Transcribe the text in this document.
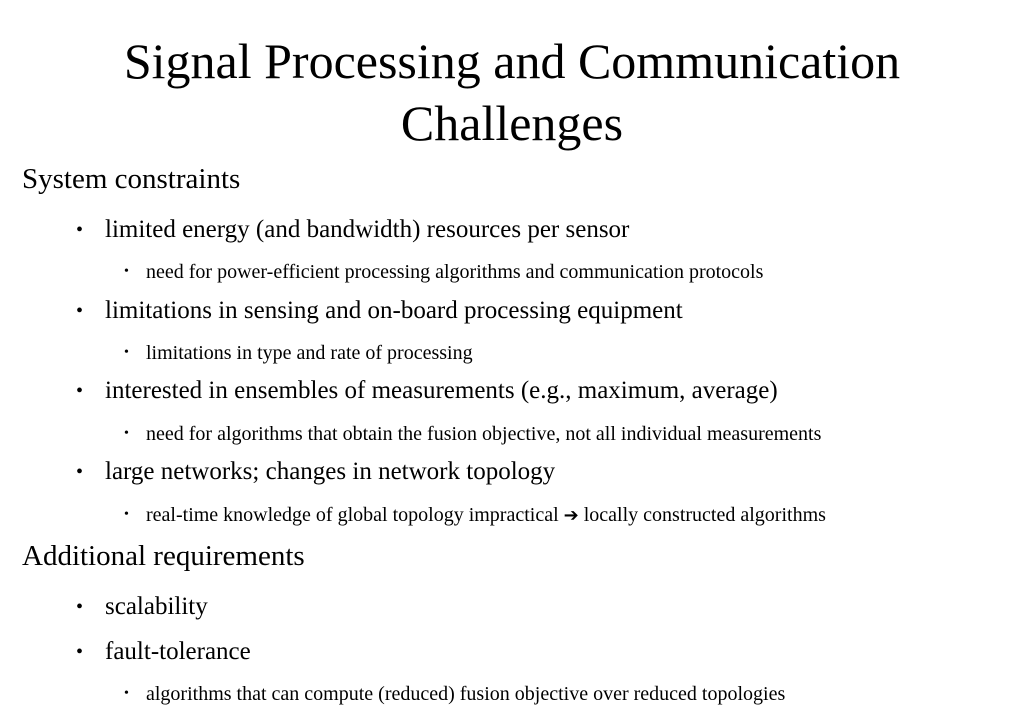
Signal Processing and Communication
Challenges
System constraints
• limited energy (and bandwidth) resources per sensor
• need for power-efficient processing algorithms and communication protocols
• limitations in sensing and on-board processing equipment
• limitations in type and rate of processing
• interested in ensembles of measurements (e.g., maximum, average)
• need for algorithms that obtain the fusion objective, not all individual measurements
• large networks; changes in network topology
• real-time knowledge of global topology impractical ➔ locally constructed algorithms
Additional requirements
• scalability
• fault-tolerance
• algorithms that can compute (reduced) fusion objective over reduced topologies
